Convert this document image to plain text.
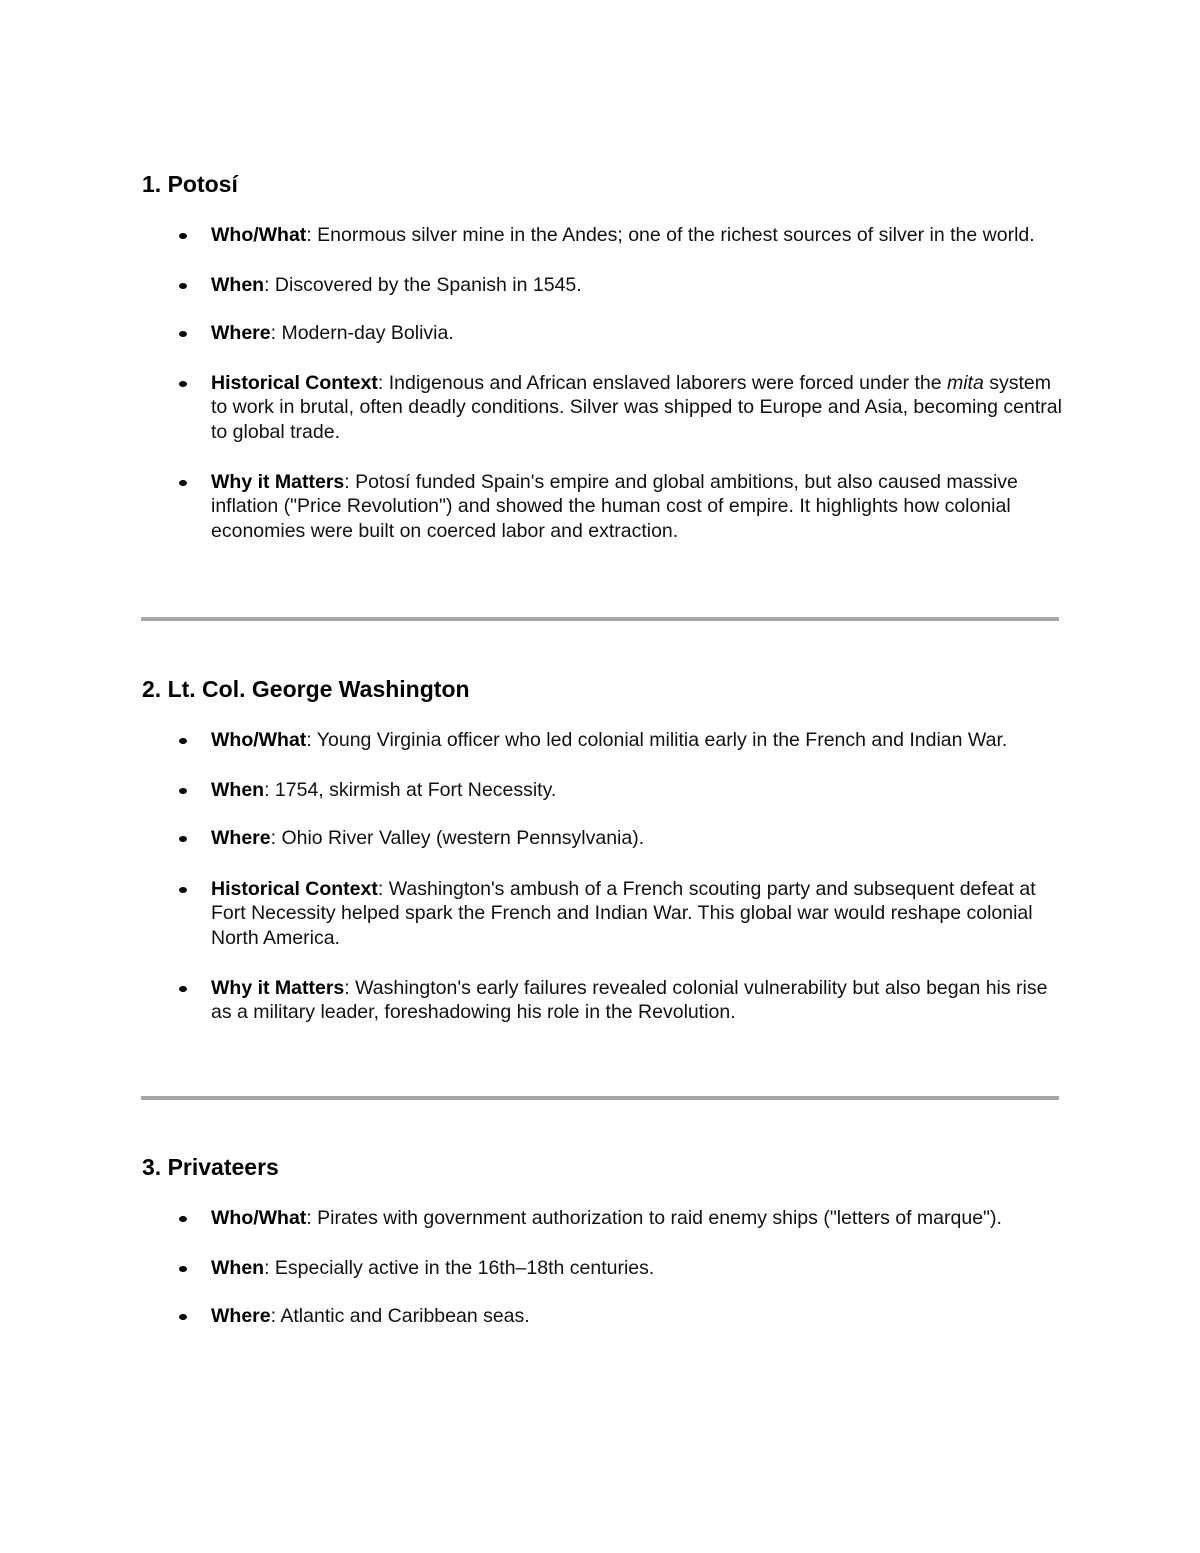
1. Potosí
Who/What: Enormous silver mine in the Andes; one of the richest sources of silver in the world.
When: Discovered by the Spanish in 1545.
Where: Modern-day Bolivia.
Historical Context: Indigenous and African enslaved laborers were forced under the mita system to work in brutal, often deadly conditions. Silver was shipped to Europe and Asia, becoming central to global trade.
Why it Matters: Potosí funded Spain's empire and global ambitions, but also caused massive inflation ("Price Revolution") and showed the human cost of empire. It highlights how colonial economies were built on coerced labor and extraction.
2. Lt. Col. George Washington
Who/What: Young Virginia officer who led colonial militia early in the French and Indian War.
When: 1754, skirmish at Fort Necessity.
Where: Ohio River Valley (western Pennsylvania).
Historical Context: Washington's ambush of a French scouting party and subsequent defeat at Fort Necessity helped spark the French and Indian War. This global war would reshape colonial North America.
Why it Matters: Washington's early failures revealed colonial vulnerability but also began his rise as a military leader, foreshadowing his role in the Revolution.
3. Privateers
Who/What: Pirates with government authorization to raid enemy ships ("letters of marque").
When: Especially active in the 16th–18th centuries.
Where: Atlantic and Caribbean seas.
